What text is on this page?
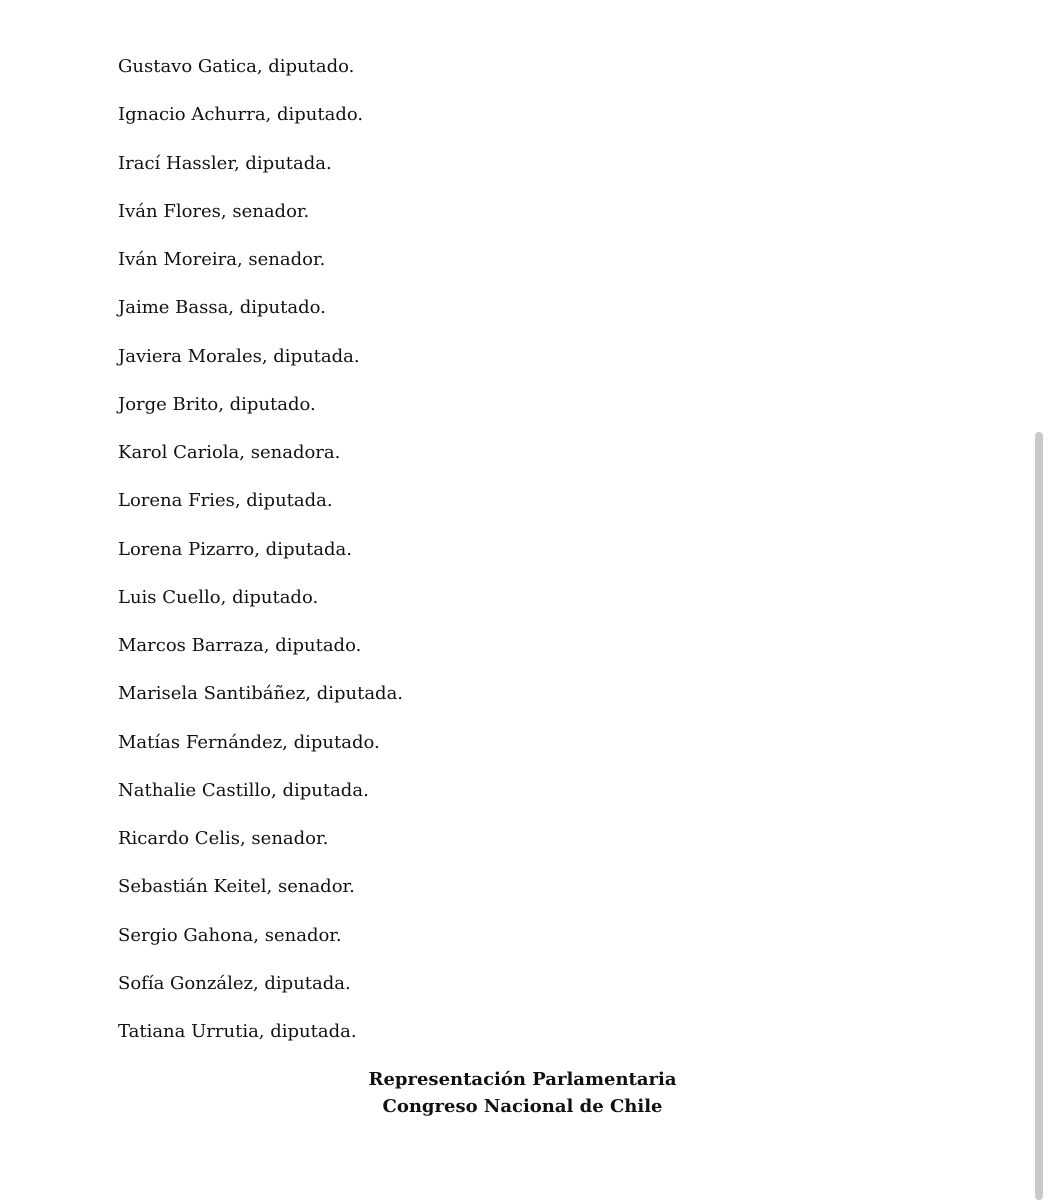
Gustavo Gatica, diputado.
Ignacio Achurra, diputado.
Irací Hassler, diputada.
Iván Flores, senador.
Iván Moreira, senador.
Jaime Bassa, diputado.
Javiera Morales, diputada.
Jorge Brito, diputado.
Karol Cariola, senadora.
Lorena Fries, diputada.
Lorena Pizarro, diputada.
Luis Cuello, diputado.
Marcos Barraza, diputado.
Marisela Santibáñez, diputada.
Matías Fernández, diputado.
Nathalie Castillo, diputada.
Ricardo Celis, senador.
Sebastián Keitel, senador.
Sergio Gahona, senador.
Sofía González, diputada.
Tatiana Urrutia, diputada.
Representación Parlamentaria
Congreso Nacional de Chile
